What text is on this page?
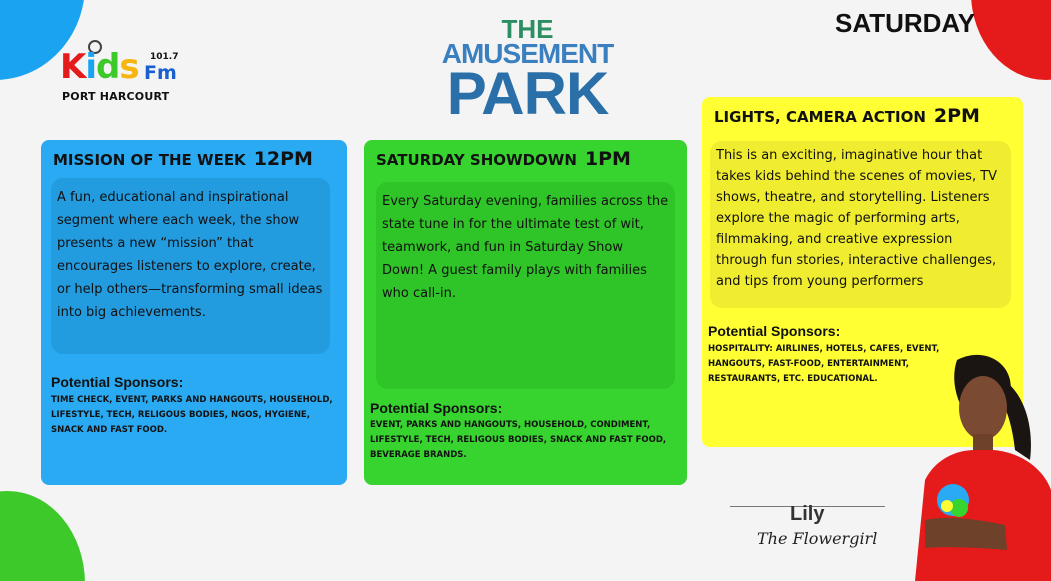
Kids 101.7
Fm
PORT HARCOURT
THE
AMUSEMENT
PARK
SATURDAY
MISSION OF THE WEEK 12PM
A fun, educational and inspirational segment where each week, the show presents a new “mission” that encourages listeners to explore, create, or help others—transforming small ideas into big achievements.
Potential Sponsors:
TIME CHECK, EVENT, PARKS AND HANGOUTS, HOUSEHOLD, LIFESTYLE, TECH, RELIGOUS BODIES, NGOS, HYGIENE, SNACK AND FAST FOOD.
SATURDAY SHOWDOWN 1PM
Every Saturday evening, families across the state tune in for the ultimate test of wit, teamwork, and fun in Saturday Show Down! A guest family plays with families who call-in.
Potential Sponsors:
EVENT, PARKS AND HANGOUTS, HOUSEHOLD, CONDIMENT, LIFESTYLE, TECH, RELIGOUS BODIES, SNACK AND FAST FOOD, BEVERAGE BRANDS.
LIGHTS, CAMERA ACTION 2PM
This is an exciting, imaginative hour that takes kids behind the scenes of movies, TV shows, theatre, and storytelling. Listeners explore the magic of performing arts, filmmaking, and creative expression through fun stories, interactive challenges, and tips from young performers
Potential Sponsors:
HOSPITALITY: AIRLINES, HOTELS, CAFES, EVENT, HANGOUTS, FAST-FOOD, ENTERTAINMENT, RESTAURANTS, ETC. EDUCATIONAL.
Lily
The Flowergirl
